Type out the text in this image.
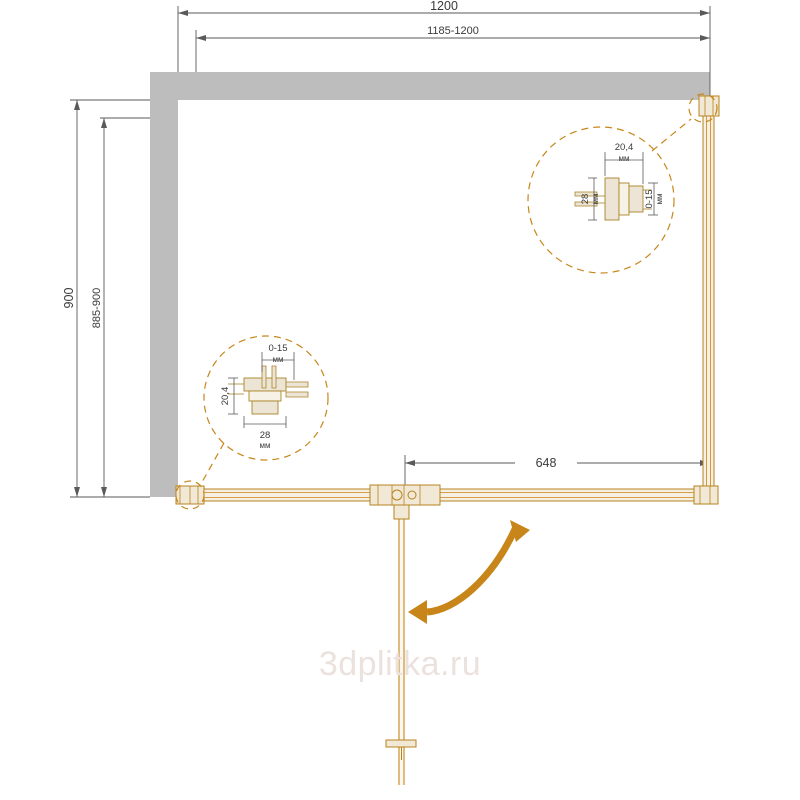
1200
1185-1200
900 885-900
648
20,4
мм
28 мм	0-15 мм
0-15
мм
20,4
28
мм
3dplitka.ru
